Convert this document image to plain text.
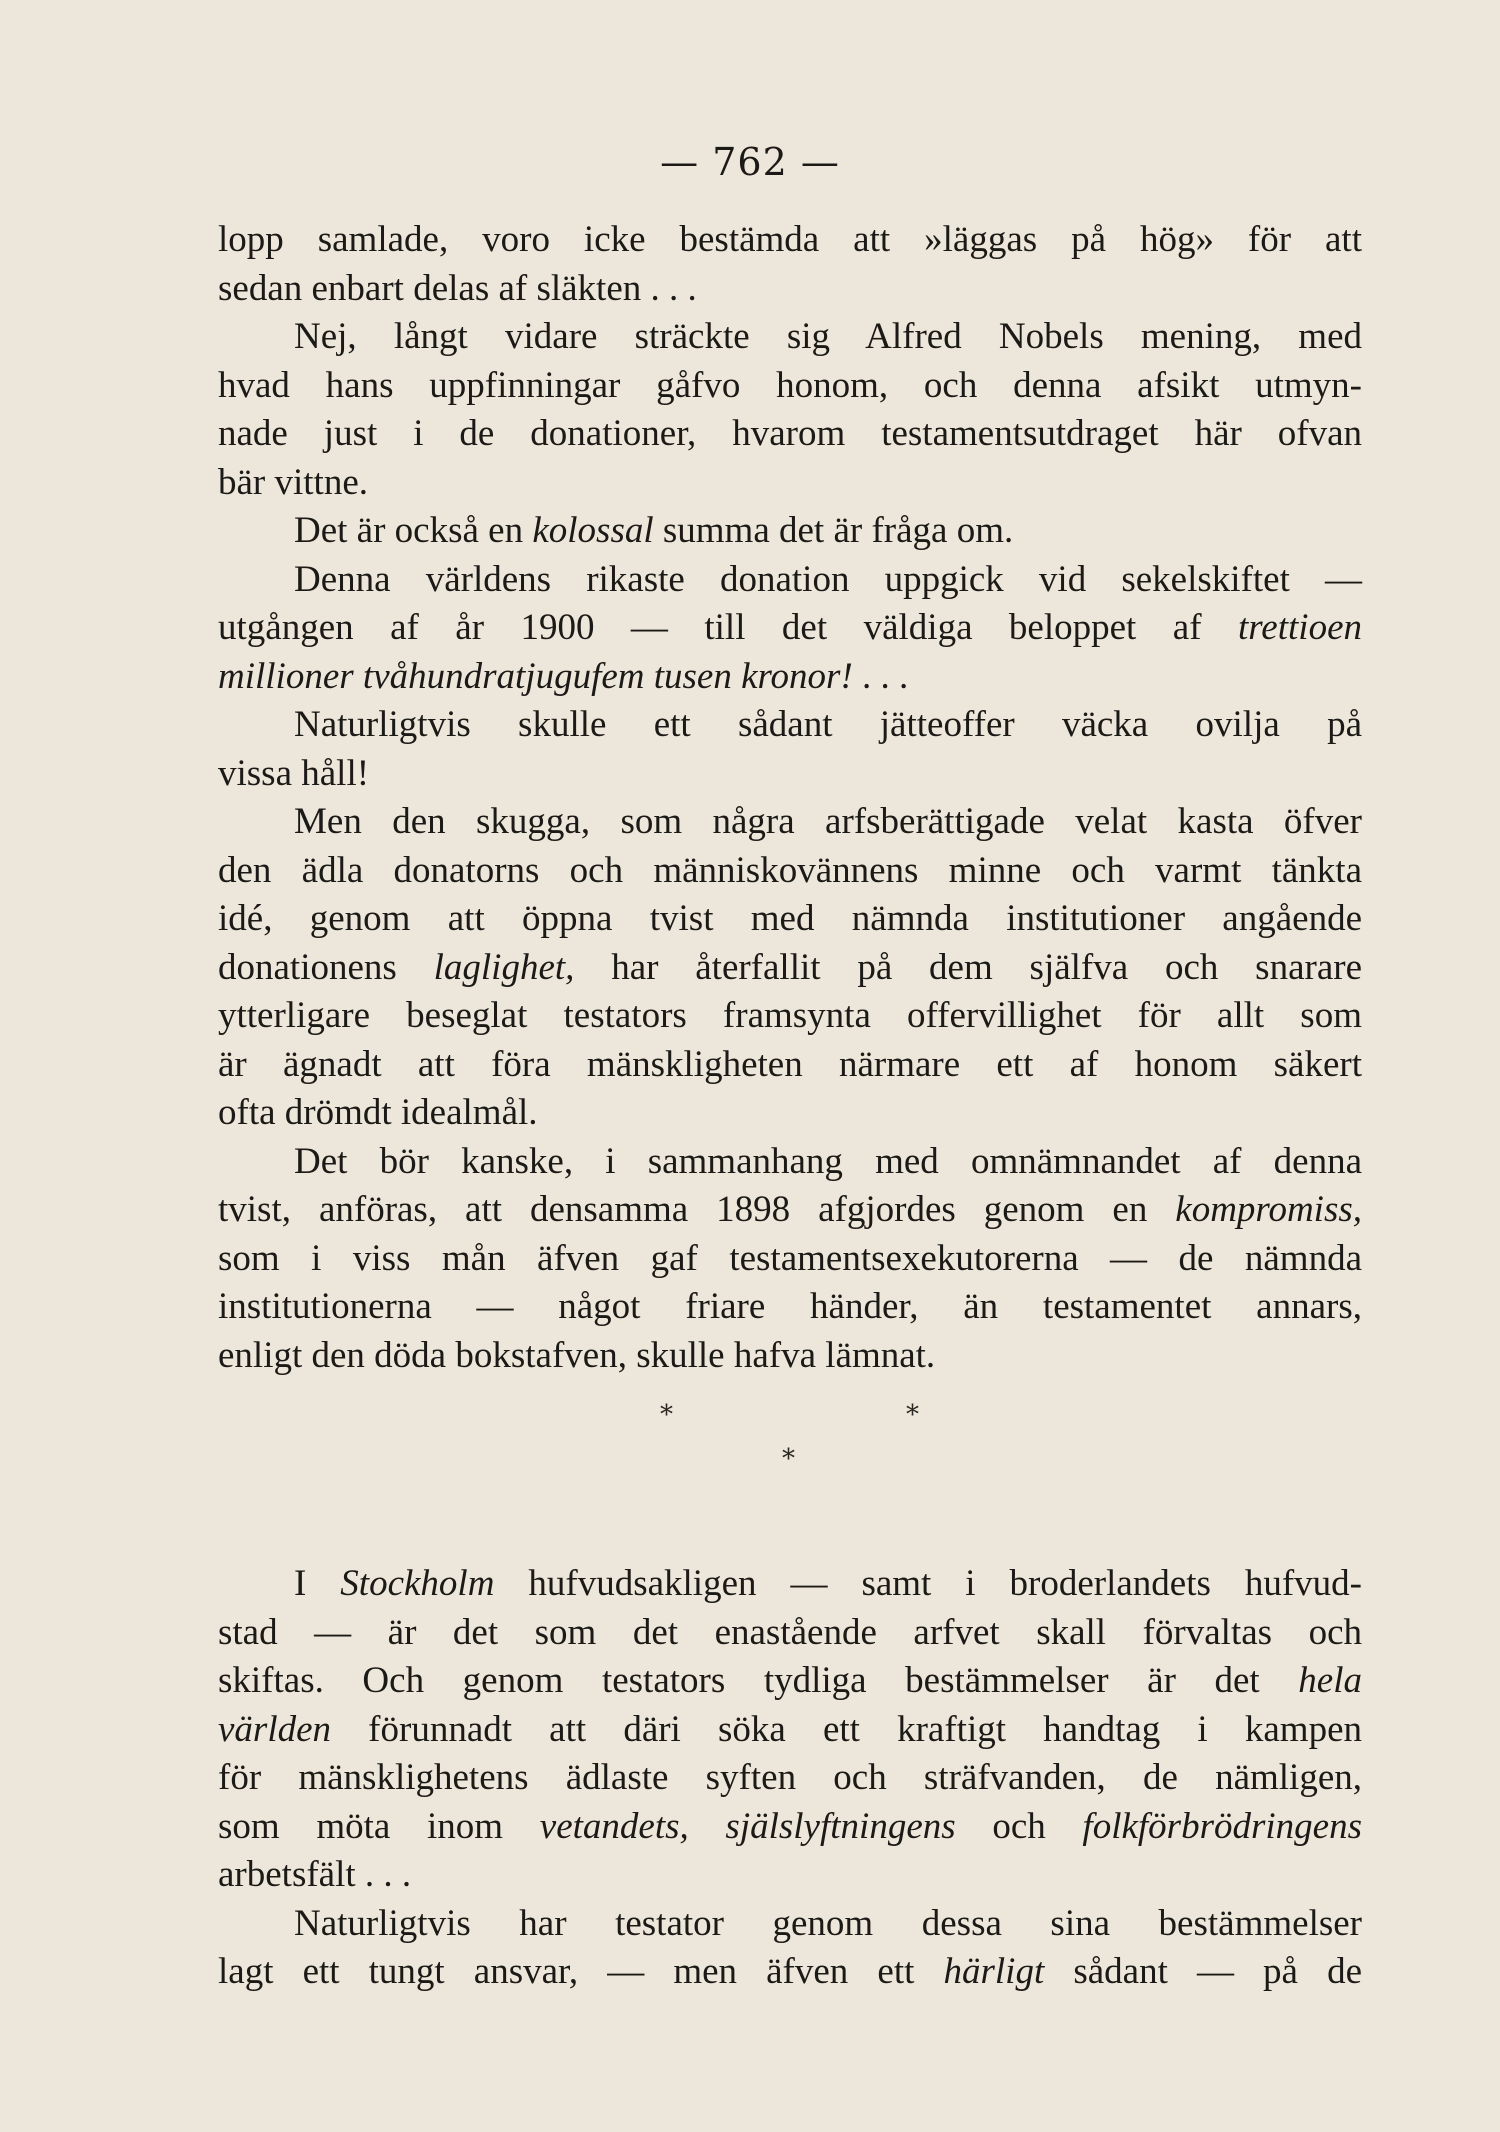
— 762 —
lopp samlade, voro icke bestämda att »läggas på hög» för att
sedan enbart delas af släkten . . .
Nej, långt vidare sträckte sig Alfred Nobels mening, med
hvad hans uppfinningar gåfvo honom, och denna afsikt utmyn-
nade just i de donationer, hvarom testamentsutdraget här ofvan
bär vittne.
Det är också en kolossal summa det är fråga om.
Denna världens rikaste donation uppgick vid sekelskiftet —
utgången af år 1900 — till det väldiga beloppet af trettioen
millioner tvåhundratjugufem tusen kronor! . . .
Naturligtvis skulle ett sådant jätteoffer väcka ovilja på
vissa håll!
Men den skugga, som några arfsberättigade velat kasta öfver
den ädla donatorns och människovännens minne och varmt tänkta
idé, genom att öppna tvist med nämnda institutioner angående
donationens laglighet, har återfallit på dem själfva och snarare
ytterligare beseglat testators framsynta offervillighet för allt som
är ägnadt att föra mänskligheten närmare ett af honom säkert
ofta drömdt idealmål.
Det bör kanske, i sammanhang med omnämnandet af denna
tvist, anföras, att densamma 1898 afgjordes genom en kompromiss,
som i viss mån äfven gaf testamentsexekutorerna — de nämnda
institutionerna — något friare händer, än testamentet annars,
enligt den döda bokstafven, skulle hafva lämnat.
*	*
*
I Stockholm hufvudsakligen — samt i broderlandets hufvud-
stad — är det som det enastående arfvet skall förvaltas och
skiftas. Och genom testators tydliga bestämmelser är det hela
världen förunnadt att däri söka ett kraftigt handtag i kampen
för mänsklighetens ädlaste syften och sträfvanden, de nämligen,
som möta inom vetandets, själslyftningens och folkförbrödringens
arbetsfält . . .
Naturligtvis har testator genom dessa sina bestämmelser
lagt ett tungt ansvar, — men äfven ett härligt sådant — på de
